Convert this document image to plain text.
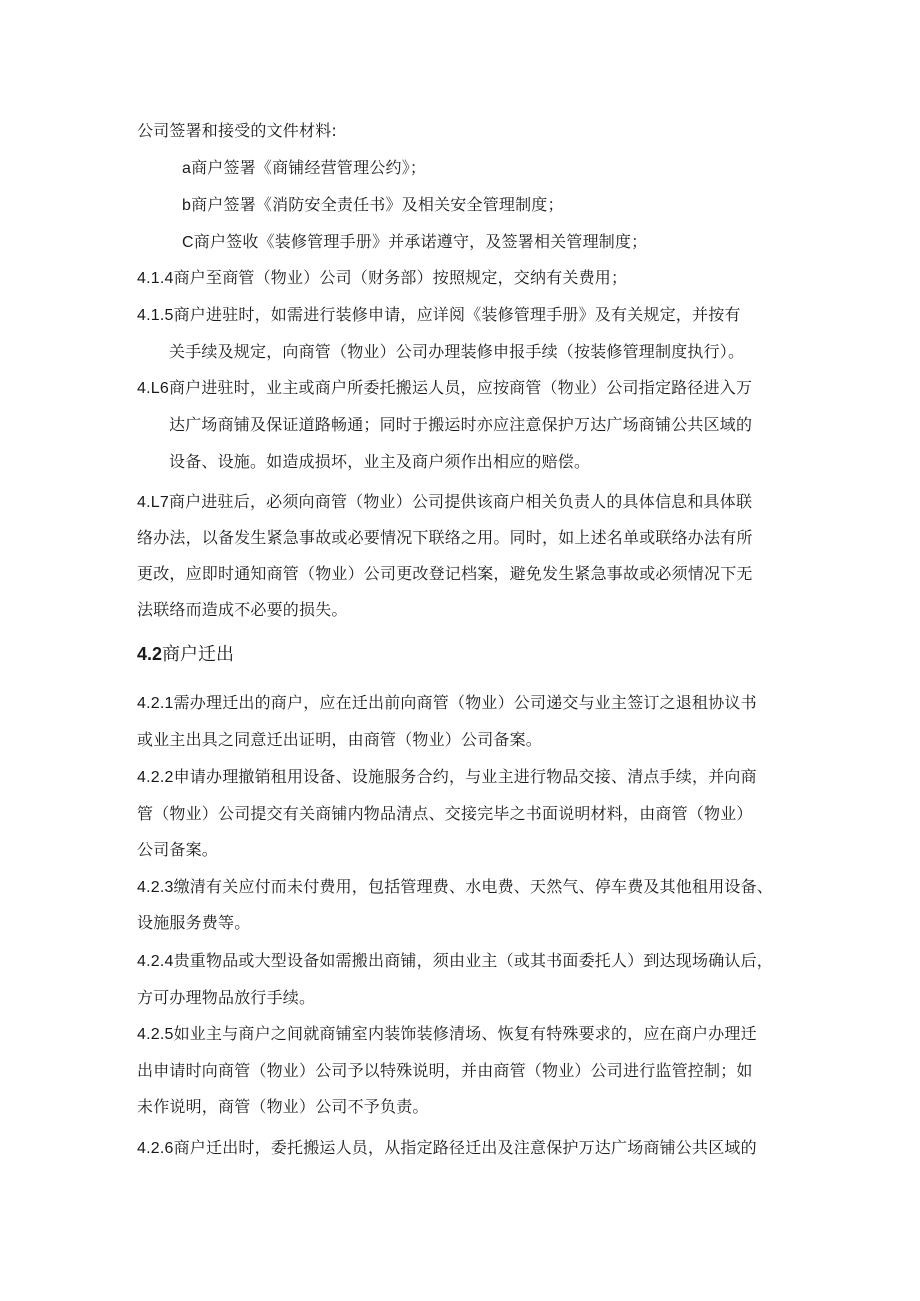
公司签署和接受的文件材料:
a商户签署《商铺经营管理公约》；
b商户签署《消防安全责任书》及相关安全管理制度；
C商户签收《装修管理手册》并承诺遵守，及签署相关管理制度；
4.1.4商户至商管（物业）公司（财务部）按照规定，交纳有关费用；
4.1.5商户进驻时，如需进行装修申请，应详阅《装修管理手册》及有关规定，并按有
关手续及规定，向商管（物业）公司办理装修申报手续（按装修管理制度执行）。
4.L6商户进驻时，业主或商户所委托搬运人员，应按商管（物业）公司指定路径进入万
达广场商铺及保证道路畅通；同时于搬运时亦应注意保护万达广场商铺公共区域的
设备、设施。如造成损坏，业主及商户须作出相应的赔偿。
4.L7商户进驻后，必须向商管（物业）公司提供该商户相关负责人的具体信息和具体联
络办法，以备发生紧急事故或必要情况下联络之用。同时，如上述名单或联络办法有所
更改，应即时通知商管（物业）公司更改登记档案，避免发生紧急事故或必须情况下无
法联络而造成不必要的损失。
4.2商户迁出
4.2.1需办理迁出的商户，应在迁出前向商管（物业）公司递交与业主签订之退租协议书
或业主出具之同意迁出证明，由商管（物业）公司备案。
4.2.2申请办理撤销租用设备、设施服务合约，与业主进行物品交接、清点手续，并向商
管（物业）公司提交有关商铺内物品清点、交接完毕之书面说明材料，由商管（物业）
公司备案。
4.2.3缴清有关应付而未付费用，包括管理费、水电费、天然气、停车费及其他租用设备、
设施服务费等。
4.2.4贵重物品或大型设备如需搬出商铺，须由业主（或其书面委托人）到达现场确认后，
方可办理物品放行手续。
4.2.5如业主与商户之间就商铺室内装饰装修清场、恢复有特殊要求的，应在商户办理迁
出申请时向商管（物业）公司予以特殊说明，并由商管（物业）公司进行监管控制；如
未作说明，商管（物业）公司不予负责。
4.2.6商户迁出时，委托搬运人员，从指定路径迁出及注意保护万达广场商铺公共区域的
